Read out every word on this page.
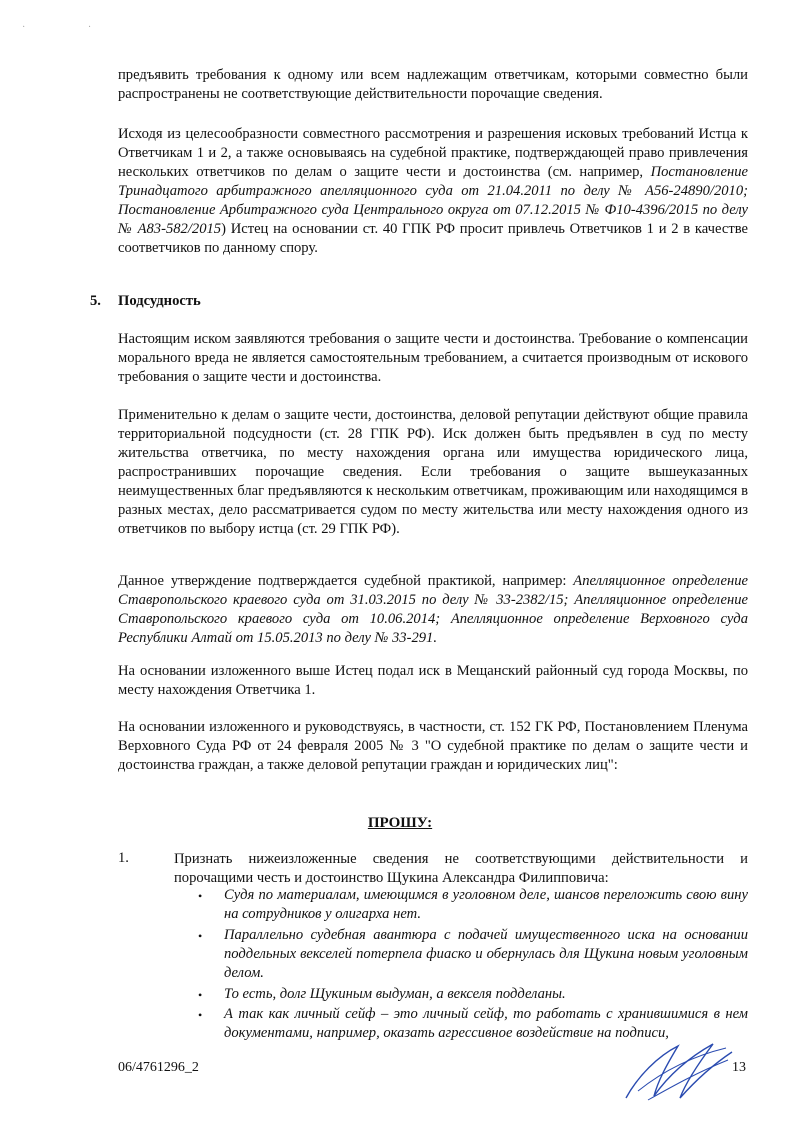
· ·

предъявить требования к одному или всем надлежащим ответчикам, которыми совместно были распространены не соответствующие действительности порочащие сведения.

Исходя из целесообразности совместного рассмотрения и разрешения исковых требований Истца к Ответчикам 1 и 2, а также основываясь на судебной практике, подтверждающей право привлечения нескольких ответчиков по делам о защите чести и достоинства (см. например, Постановление Тринадцатого арбитражного апелляционного суда от 21.04.2011 по делу № А56-24890/2010; Постановление Арбитражного суда Центрального округа от 07.12.2015 № Ф10-4396/2015 по делу № А83-582/2015) Истец на основании ст. 40 ГПК РФ просит привлечь Ответчиков 1 и 2 в качестве соответчиков по данному спору.

5. Подсудность

Настоящим иском заявляются требования о защите чести и достоинства. Требование о компенсации морального вреда не является самостоятельным требованием, а считается производным от искового требования о защите чести и достоинства.

Применительно к делам о защите чести, достоинства, деловой репутации действуют общие правила территориальной подсудности (ст. 28 ГПК РФ). Иск должен быть предъявлен в суд по месту жительства ответчика, по месту нахождения органа или имущества юридического лица, распространивших порочащие сведения. Если требования о защите вышеуказанных неимущественных благ предъявляются к нескольким ответчикам, проживающим или находящимся в разных местах, дело рассматривается судом по месту жительства или месту нахождения одного из ответчиков по выбору истца (ст. 29 ГПК РФ).

Данное утверждение подтверждается судебной практикой, например: Апелляционное определение Ставропольского краевого суда от 31.03.2015 по делу № 33-2382/15; Апелляционное определение Ставропольского краевого суда от 10.06.2014; Апелляционное определение Верховного суда Республики Алтай от 15.05.2013 по делу № 33-291.

На основании изложенного выше Истец подал иск в Мещанский районный суд города Москвы, по месту нахождения Ответчика 1.

На основании изложенного и руководствуясь, в частности, ст. 152 ГК РФ, Постановлением Пленума Верховного Суда РФ от 24 февраля 2005 № 3 "О судебной практике по делам о защите чести и достоинства граждан, а также деловой репутации граждан и юридических лиц":

ПРОШУ:
1.	Признать нижеизложенные сведения не соответствующими действительности и порочащими честь и достоинство Щукина Александра Филипповича:
• Судя по материалам, имеющимся в уголовном деле, шансов переложить свою вину на сотрудников у олигарха нет.
• Параллельно судебная авантюра с подачей имущественного иска на основании поддельных векселей потерпела фиаско и обернулась для Щукина новым уголовным делом.
• То есть, долг Щукиным выдуман, а векселя подделаны.
• А так как личный сейф – это личный сейф, то работать с хранившимися в нем документами, например, оказать агрессивное воздействие на подписи,
06/4761296_2	13
